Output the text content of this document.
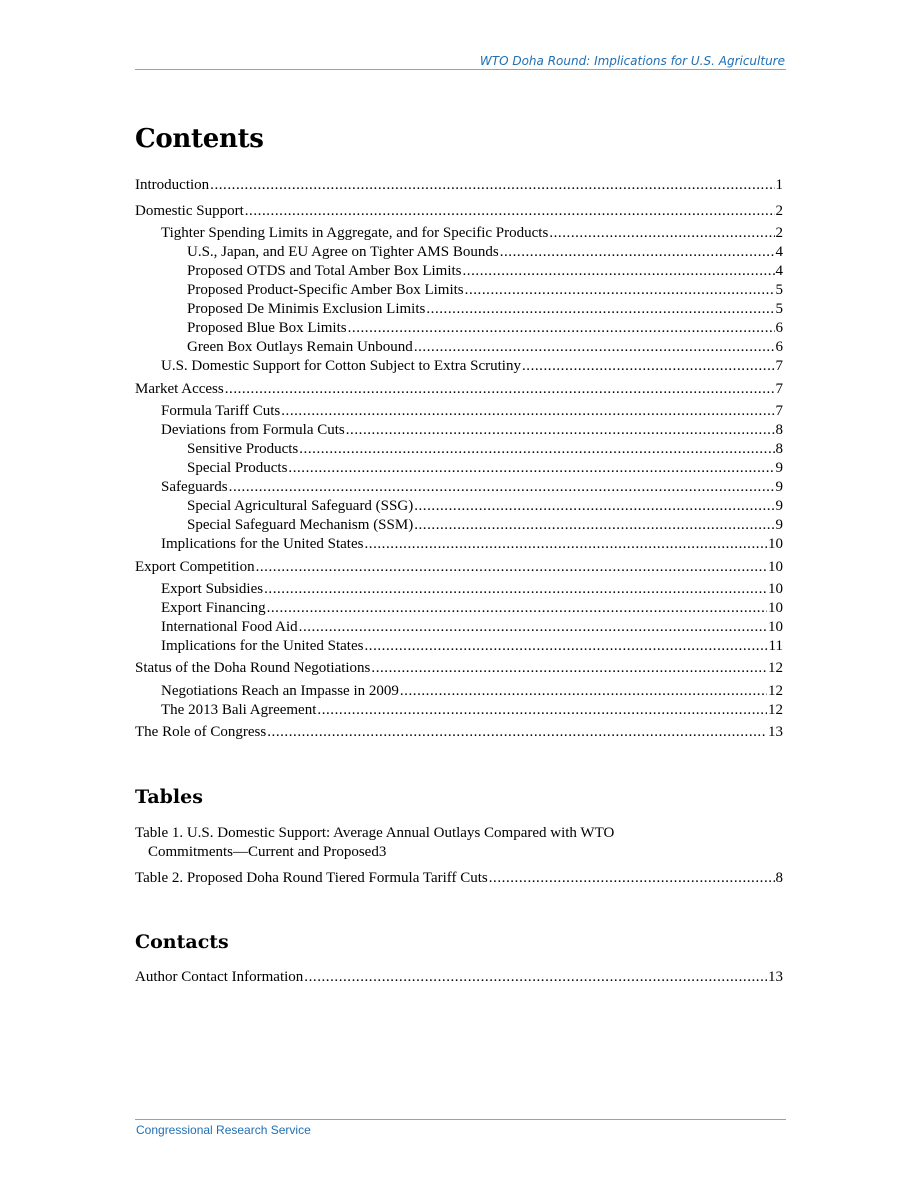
WTO Doha Round: Implications for U.S. Agriculture
Contents
Introduction . . .	1
Domestic Support . . .	2
Tighter Spending Limits in Aggregate, and for Specific Products . . .	2
U.S., Japan, and EU Agree on Tighter AMS Bounds . . .	4
Proposed OTDS and Total Amber Box Limits . . .	4
Proposed Product-Specific Amber Box Limits . . .	5
Proposed De Minimis Exclusion Limits . . .	5
Proposed Blue Box Limits . . .	6
Green Box Outlays Remain Unbound . . .	6
U.S. Domestic Support for Cotton Subject to Extra Scrutiny . . .	7
Market Access . . .	7
Formula Tariff Cuts . . .	7
Deviations from Formula Cuts . . .	8
Sensitive Products . . .	8
Special Products . . .	9
Safeguards . . .	9
Special Agricultural Safeguard (SSG) . . .	9
Special Safeguard Mechanism (SSM) . . .	9
Implications for the United States . . .	10
Export Competition . . .	10
Export Subsidies . . .	10
Export Financing . . .	10
International Food Aid . . .	10
Implications for the United States . . .	11
Status of the Doha Round Negotiations . . .	12
Negotiations Reach an Impasse in 2009 . . .	12
The 2013 Bali Agreement . . .	12
The Role of Congress . . .	13
Tables
Table 1. U.S. Domestic Support: Average Annual Outlays Compared with WTO
Commitments—Current and Proposed 3
Table 2. Proposed Doha Round Tiered Formula Tariff Cuts . . .	8
Contacts
Author Contact Information . . .	13
Congressional Research Service
